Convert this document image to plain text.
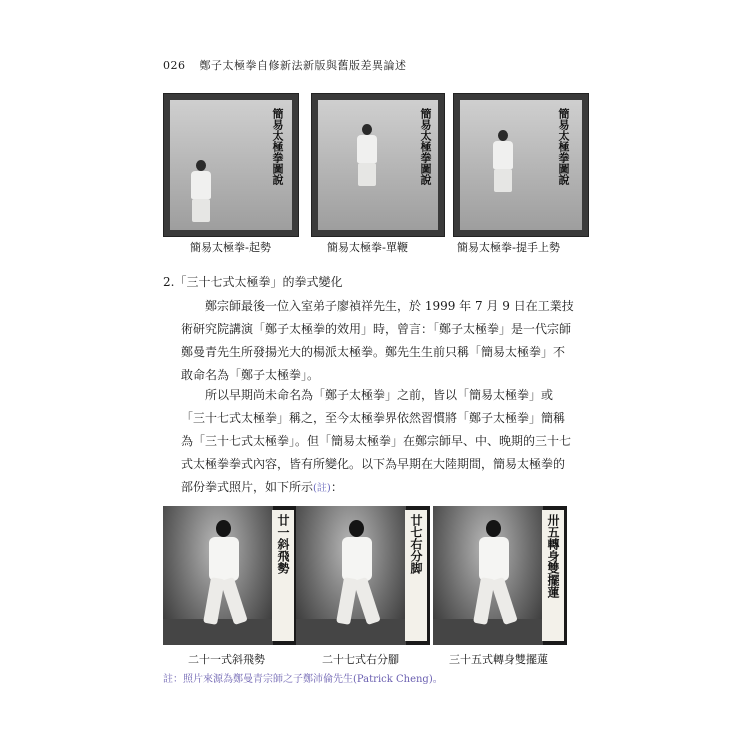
026 鄭子太極拳自修新法新版與舊版差異論述
簡易太極拳圖說
簡易太極拳-起勢
簡易太極拳圖說
簡易太極拳-單鞭
簡易太極拳圖說
簡易太極拳-提手上勢
2.「三十七式太極拳」的拳式變化

鄭宗師最後一位入室弟子廖禎祥先生，於 1999 年 7 月 9 日在工業技術研究院講演「鄭子太極拳的效用」時，曾言：「鄭子太極拳」是一代宗師鄭曼青先生所發揚光大的楊派太極拳。鄭先生生前只稱「簡易太極拳」不敢命名為「鄭子太極拳」。

所以早期尚未命名為「鄭子太極拳」之前，皆以「簡易太極拳」或「三十七式太極拳」稱之，至今太極拳界依然習慣將「鄭子太極拳」簡稱為「三十七式太極拳」。但「簡易太極拳」在鄭宗師早、中、晚期的三十七式太極拳拳式內容，皆有所變化。以下為早期在大陸期間，簡易太極拳的部份拳式照片，如下所示(註)：

廿一斜飛勢
二十一式斜飛勢
廿七右分脚
二十七式右分腳
卅五轉身雙擺蓮
三十五式轉身雙擺蓮
註：照片來源為鄭曼青宗師之子鄭沛倫先生(Patrick Cheng)。
